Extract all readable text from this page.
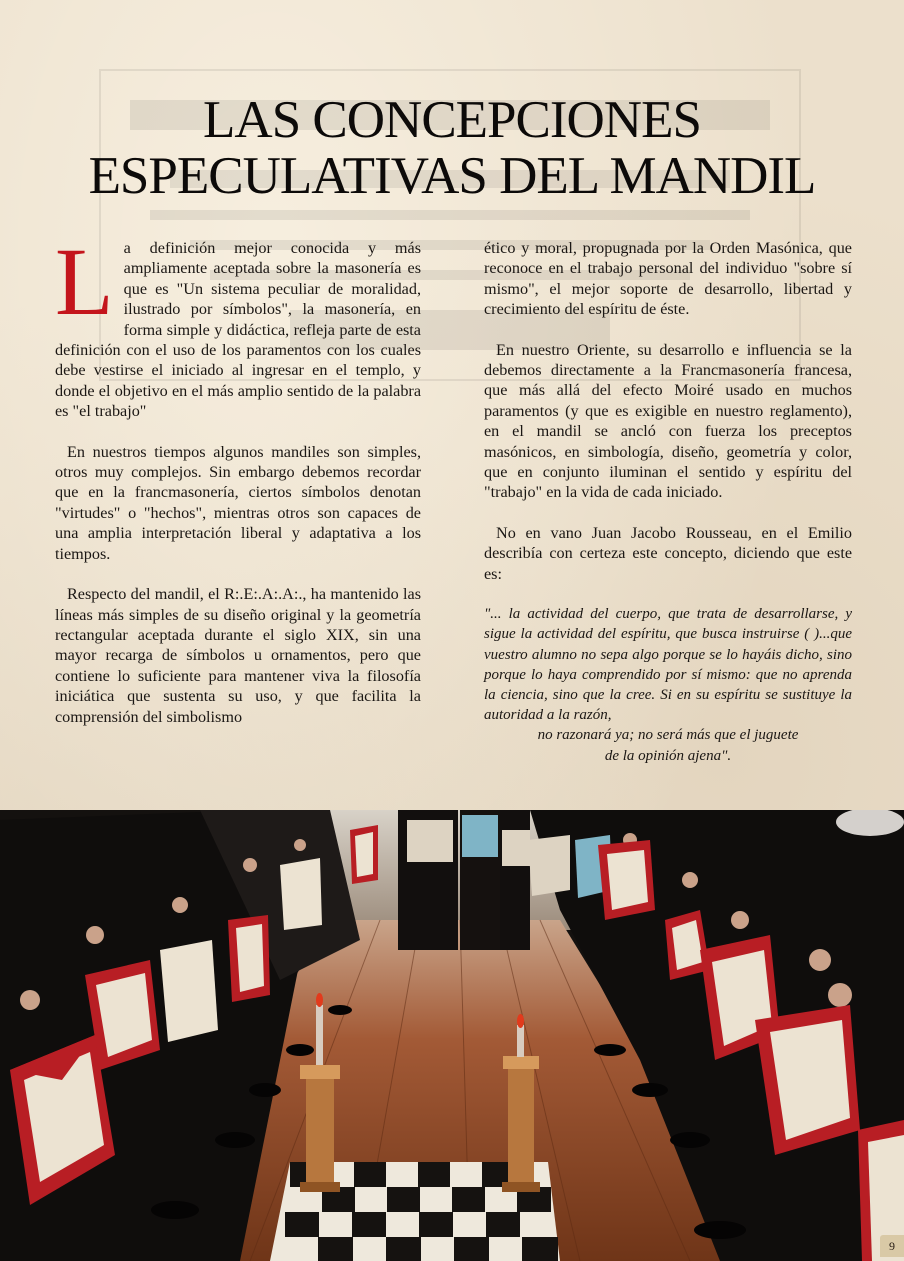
LAS CONCEPCIONES
ESPECULATIVAS DEL MANDIL

L a definición mejor conocida y más ampliamente aceptada sobre la masonería es que es "Un sistema peculiar de moralidad, ilustrado por símbolos", la masonería, en forma simple y didáctica, refleja parte de esta definición con el uso de los paramentos con los cuales debe vestirse el iniciado al ingresar en el templo, y donde el objetivo en el más amplio sentido de la palabra es "el trabajo"

En nuestros tiempos algunos mandiles son simples, otros muy complejos. Sin embargo debemos recordar que en la francmasonería, ciertos símbolos denotan "virtudes" o "hechos", mientras otros son capaces de una amplia interpretación liberal y adaptativa a los tiempos.

Respecto del mandil, el R:.E:.A:.A:., ha mantenido las líneas más simples de su diseño original y la geometría rectangular aceptada durante el siglo XIX, sin una mayor recarga de símbolos u ornamentos, pero que contiene lo suficiente para mantener viva la filosofía iniciática que sustenta su uso, y que facilita la comprensión del simbolismo

ético y moral, propugnada por la Orden Masónica, que reconoce en el trabajo personal del individuo "sobre sí mismo", el mejor soporte de desarrollo, libertad y crecimiento del espíritu de éste.

En nuestro Oriente, su desarrollo e influencia se la debemos directamente a la Francmasonería francesa, que más allá del efecto Moiré usado en muchos paramentos (y que es exigible en nuestro reglamento), en el mandil se ancló con fuerza los preceptos masónicos, en simbología, diseño, geometría y color, que en conjunto iluminan el sentido y espíritu del "trabajo" en la vida de cada iniciado.

No en vano Juan Jacobo Rousseau, en el Emilio describía con certeza este concepto, diciendo que este es:

"... la actividad del cuerpo, que trata de desarrollarse, y sigue la actividad del espíritu, que busca instruirse ( )...que vuestro alumno no sepa algo porque se lo hayáis dicho, sino porque lo haya comprendido por sí mismo: que no aprenda la ciencia, sino que la cree. Si en su espíritu se sustituye la autoridad a la razón,
no razonará ya; no será más que el juguete
de la opinión ajena".
9
